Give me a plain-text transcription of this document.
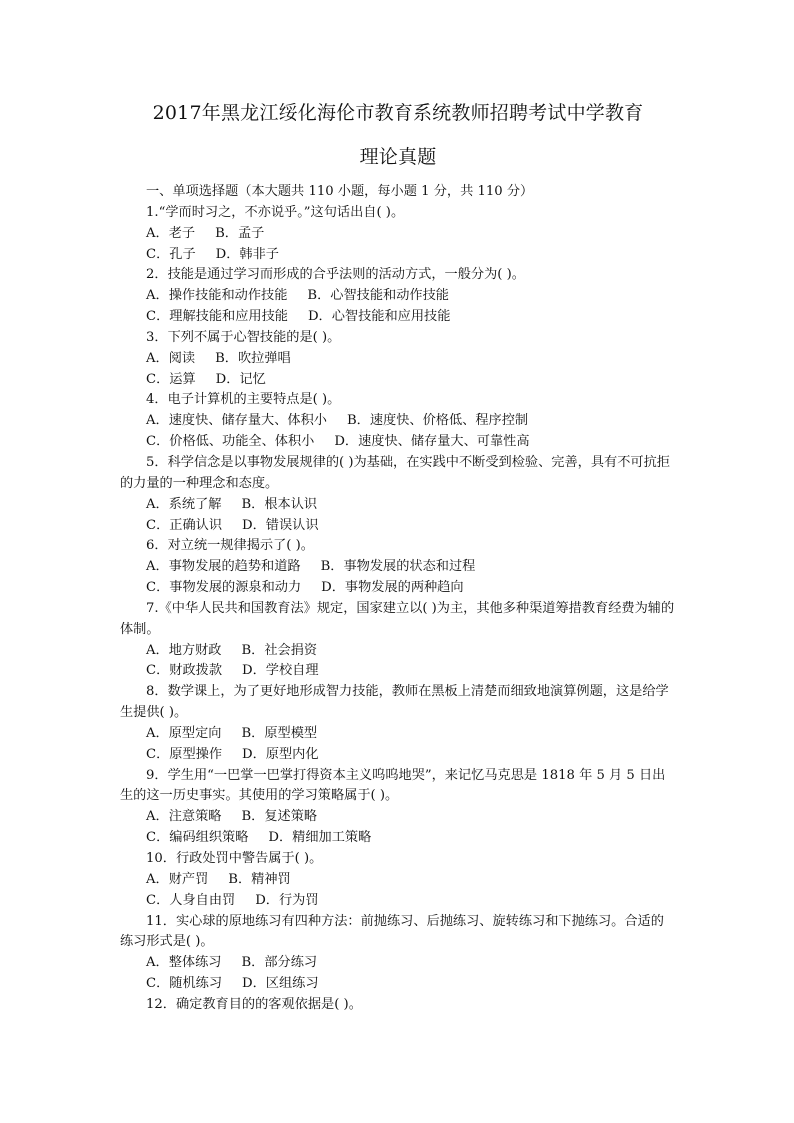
2017年黑龙江绥化海伦市教育系统教师招聘考试中学教育
理论真题
一、单项选择题（本大题共 110 小题，每小题 1 分，共 110 分）
1.“学而时习之，不亦说乎。”这句话出自( )。
A．老子 B．孟子
C．孔子 D．韩非子
2．技能是通过学习而形成的合乎法则的活动方式，一般分为( )。
A．操作技能和动作技能 B．心智技能和动作技能
C．理解技能和应用技能 D．心智技能和应用技能
3．下列不属于心智技能的是( )。
A．阅读 B．吹拉弹唱
C．运算 D．记忆
4．电子计算机的主要特点是( )。
A．速度快、储存量大、体积小 B．速度快、价格低、程序控制
C．价格低、功能全、体积小 D．速度快、储存量大、可靠性高
5．科学信念是以事物发展规律的( )为基础，在实践中不断受到检验、完善，具有不可抗拒的力量的一种理念和态度。
A．系统了解 B．根本认识
C．正确认识 D．错误认识
6．对立统一规律揭示了( )。
A．事物发展的趋势和道路 B．事物发展的状态和过程
C．事物发展的源泉和动力 D．事物发展的两种趋向
7.《中华人民共和国教育法》规定，国家建立以( )为主，其他多种渠道筹措教育经费为辅的体制。
A．地方财政 B．社会捐资
C．财政拨款 D．学校自理
8．数学课上，为了更好地形成智力技能，教师在黑板上清楚而细致地演算例题，这是给学生提供( )。
A．原型定向 B．原型模型
C．原型操作 D．原型内化
9．学生用“一巴掌一巴掌打得资本主义呜呜地哭”，来记忆马克思是 1818 年 5 月 5 日出生的这一历史事实。其使用的学习策略属于( )。
A．注意策略 B．复述策略
C．编码组织策略 D．精细加工策略
10．行政处罚中警告属于( )。
A．财产罚 B．精神罚
C．人身自由罚 D．行为罚
11．实心球的原地练习有四种方法：前抛练习、后抛练习、旋转练习和下抛练习。合适的练习形式是( )。
A．整体练习 B．部分练习
C．随机练习 D．区组练习
12．确定教育目的的客观依据是( )。
